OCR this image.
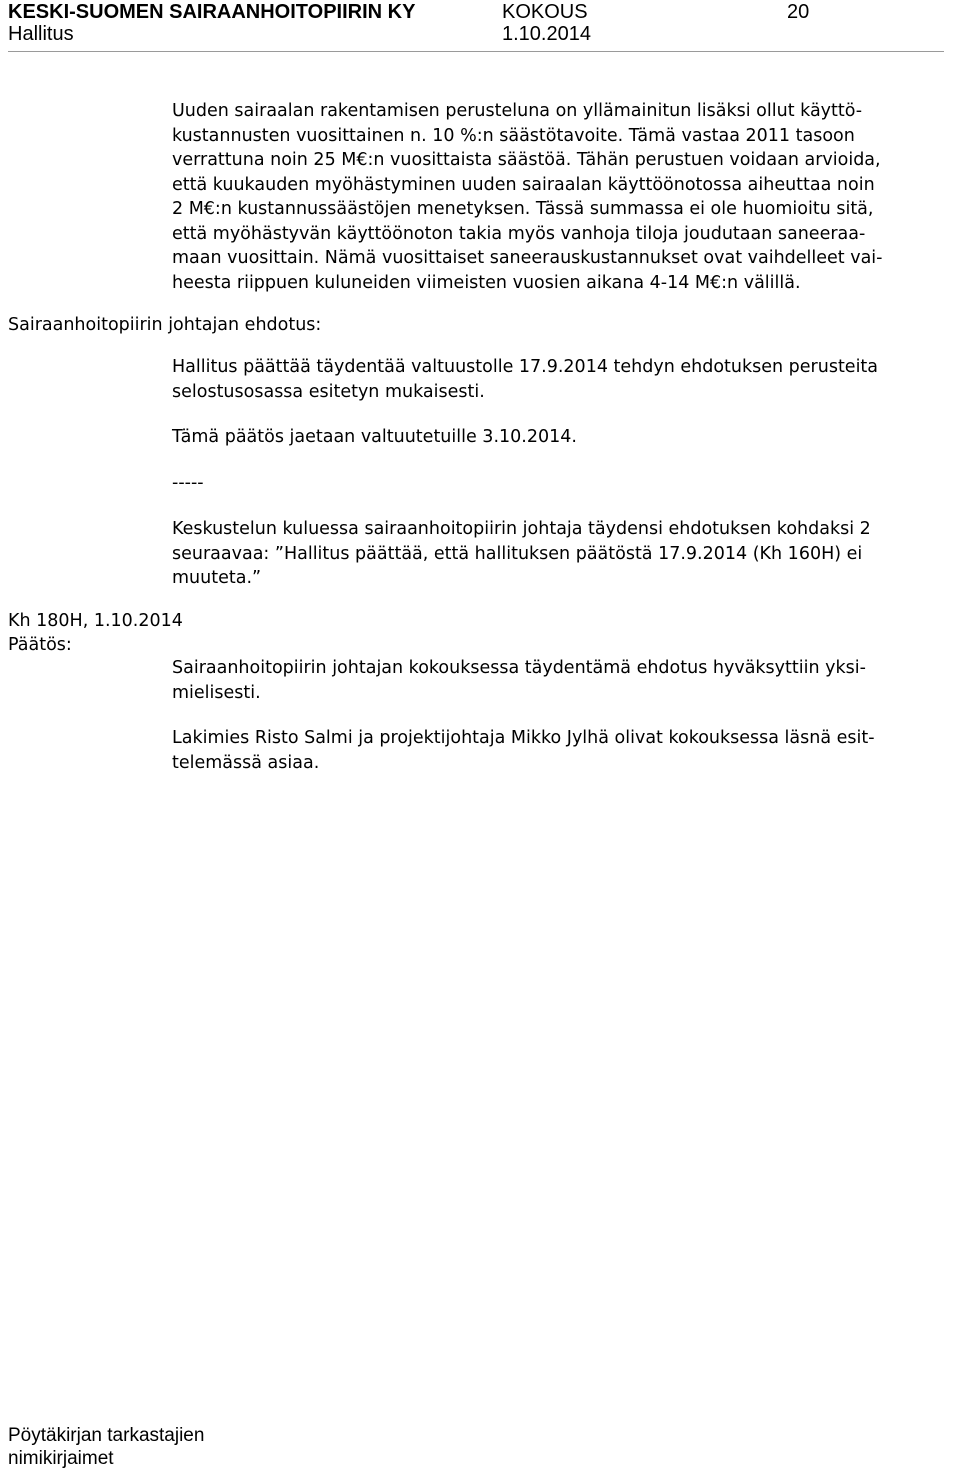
KESKI-SUOMEN SAIRAANHOITOPIIRIN KY	KOKOUS	20
Hallitus	1.10.2014
Uuden sairaalan rakentamisen perusteluna on yllämainitun lisäksi ollut käyttö-
kustannusten vuosittainen n. 10 %:n säästötavoite. Tämä vastaa 2011 tasoon
verrattuna noin 25 M€:n vuosittaista säästöä. Tähän perustuen voidaan arvioida,
että kuukauden myöhästyminen uuden sairaalan käyttöönotossa aiheuttaa noin
2 M€:n kustannussäästöjen menetyksen. Tässä summassa ei ole huomioitu sitä,
että myöhästyvän käyttöönoton takia myös vanhoja tiloja joudutaan saneeraa-
maan vuosittain. Nämä vuosittaiset saneerauskustannukset ovat vaihdelleet vai-
heesta riippuen kuluneiden viimeisten vuosien aikana 4-14 M€:n välillä.
Sairaanhoitopiirin johtajan ehdotus:
Hallitus päättää täydentää valtuustolle 17.9.2014 tehdyn ehdotuksen perusteita
selostusosassa esitetyn mukaisesti.
Tämä päätös jaetaan valtuutetuille 3.10.2014.
-----
Keskustelun kuluessa sairaanhoitopiirin johtaja täydensi ehdotuksen kohdaksi 2
seuraavaa: ”Hallitus päättää, että hallituksen päätöstä 17.9.2014 (Kh 160H) ei
muuteta.”
Kh 180H, 1.10.2014
Päätös:
Sairaanhoitopiirin johtajan kokouksessa täydentämä ehdotus hyväksyttiin yksi-
mielisesti.
Lakimies Risto Salmi ja projektijohtaja Mikko Jylhä olivat kokouksessa läsnä esit-
telemässä asiaa.
Pöytäkirjan tarkastajien
nimikirjaimet
